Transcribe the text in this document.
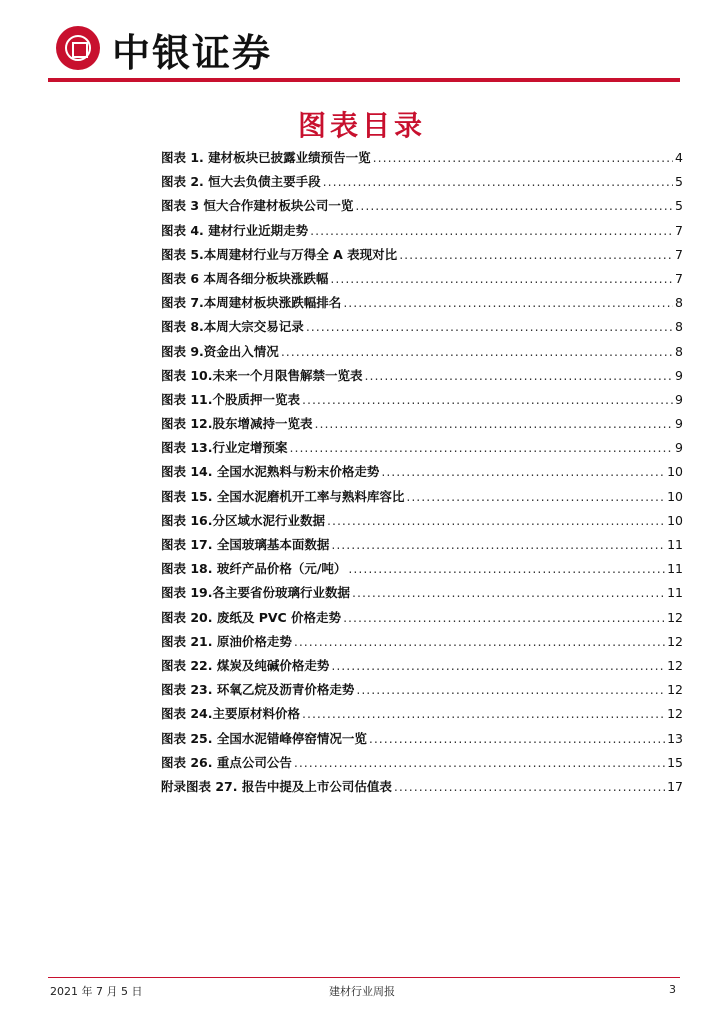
中银证券
图表目录
图表 1. 建材板块已披露业绩预告一览 .....	4
图表 2. 恒大去负债主要手段 .....	5
图表 3 恒大合作建材板块公司一览 .....	5
图表 4. 建材行业近期走势 .....	7
图表 5.本周建材行业与万得全 A 表现对比 .....	7
图表 6 本周各细分板块涨跌幅 .....	7
图表 7.本周建材板块涨跌幅排名 .....	8
图表 8.本周大宗交易记录 .....	8
图表 9.资金出入情况 .....	8
图表 10.未来一个月限售解禁一览表 .....	9
图表 11.个股质押一览表 .....	9
图表 12.股东增减持一览表 .....	9
图表 13.行业定增预案 .....	9
图表 14. 全国水泥熟料与粉末价格走势 .....	10
图表 15. 全国水泥磨机开工率与熟料库容比 .....	10
图表 16.分区域水泥行业数据 .....	10
图表 17. 全国玻璃基本面数据 .....	11
图表 18. 玻纤产品价格（元/吨） .....	11
图表 19.各主要省份玻璃行业数据 .....	11
图表 20. 废纸及 PVC 价格走势 .....	12
图表 21. 原油价格走势 .....	12
图表 22. 煤炭及纯碱价格走势 .....	12
图表 23. 环氧乙烷及沥青价格走势 .....	12
图表 24.主要原材料价格 .....	12
图表 25. 全国水泥错峰停窑情况一览 .....	13
图表 26. 重点公司公告 .....	15
附录图表 27. 报告中提及上市公司估值表 .....	17
2021 年 7 月 5 日	建材行业周报	3
